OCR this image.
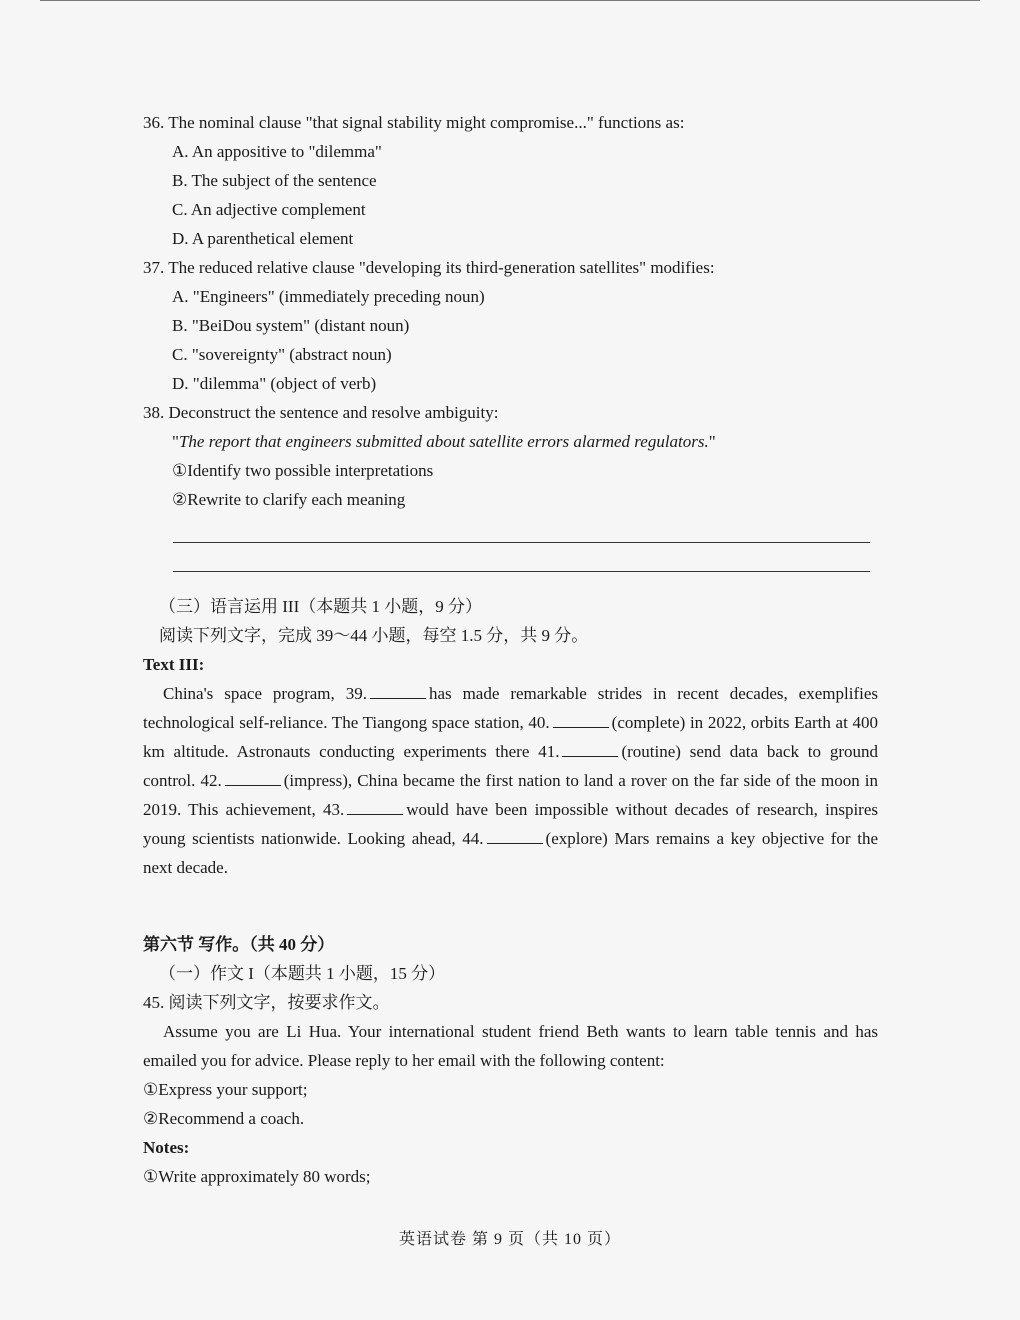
36. The nominal clause "that signal stability might compromise..." functions as:

A. An appositive to "dilemma"

B. The subject of the sentence

C. An adjective complement

D. A parenthetical element

37. The reduced relative clause "developing its third-generation satellites" modifies:

A. "Engineers" (immediately preceding noun)

B. "BeiDou system" (distant noun)

C. "sovereignty" (abstract noun)

D. "dilemma" (object of verb)

38. Deconstruct the sentence and resolve ambiguity:

"The report that engineers submitted about satellite errors alarmed regulators."

①Identify two possible interpretations

②Rewrite to clarify each meaning

（三）语言运用 III（本题共 1 小题，9 分）

阅读下列文字，完成 39～44 小题，每空 1.5 分，共 9 分。

Text III:

China's space program, 39.	has made remarkable strides in recent decades, exemplifies technological self-reliance. The Tiangong space station, 40.	(complete) in 2022, orbits Earth at 400 km altitude. Astronauts conducting experiments there 41.	(routine) send data back to ground control. 42.	(impress), China became the first nation to land a rover on the far side of the moon in 2019. This achievement, 43.	would have been impossible without decades of research, inspires young scientists nationwide. Looking ahead, 44.	(explore) Mars remains a key objective for the next decade.

第六节 写作。（共 40 分）

（一）作文 I（本题共 1 小题，15 分）

45. 阅读下列文字，按要求作文。

Assume you are Li Hua. Your international student friend Beth wants to learn table tennis and has emailed you for advice. Please reply to her email with the following content:

①Express your support;

②Recommend a coach.

Notes:

①Write approximately 80 words;

英语试卷 第 9 页（共 10 页）
